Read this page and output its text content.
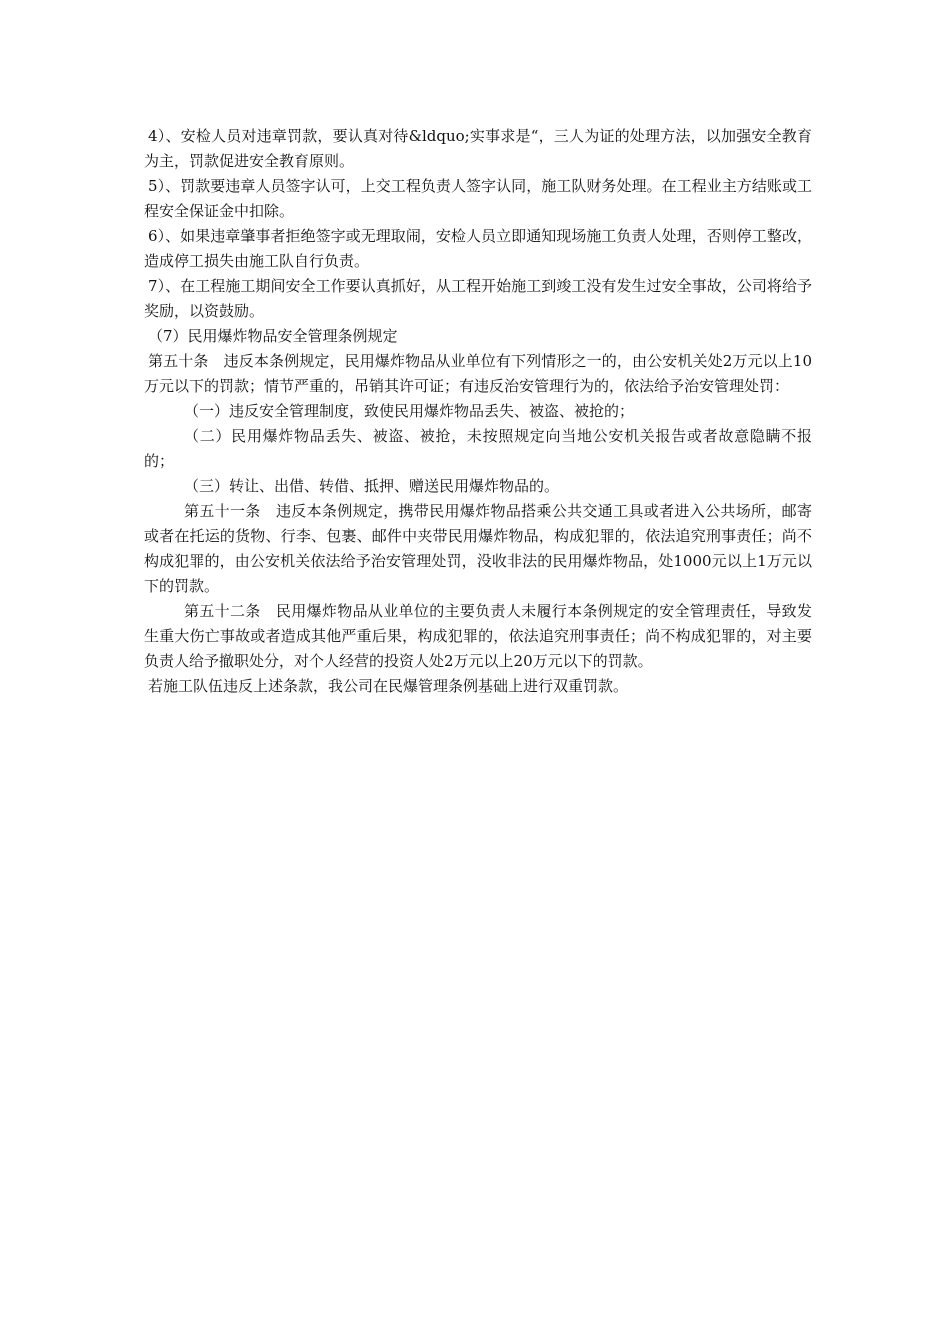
4）、安检人员对违章罚款，要认真对待&ldquo;实事求是“，三人为证的处理方法，以加强安全教育为主，罚款促进安全教育原则。

5）、罚款要违章人员签字认可，上交工程负责人签字认同，施工队财务处理。在工程业主方结账或工程安全保证金中扣除。

6）、如果违章肇事者拒绝签字或无理取闹，安检人员立即通知现场施工负责人处理，否则停工整改，造成停工损失由施工队自行负责。

7）、在工程施工期间安全工作要认真抓好，从工程开始施工到竣工没有发生过安全事故，公司将给予奖励，以资鼓励。

（7）民用爆炸物品安全管理条例规定

第五十条　违反本条例规定，民用爆炸物品从业单位有下列情形之一的，由公安机关处2万元以上10万元以下的罚款；情节严重的，吊销其许可证；有违反治安管理行为的，依法给予治安管理处罚：

（一）违反安全管理制度，致使民用爆炸物品丢失、被盗、被抢的；

（二）民用爆炸物品丢失、被盗、被抢，未按照规定向当地公安机关报告或者故意隐瞒不报的；

（三）转让、出借、转借、抵押、赠送民用爆炸物品的。

第五十一条　违反本条例规定，携带民用爆炸物品搭乘公共交通工具或者进入公共场所，邮寄或者在托运的货物、行李、包裹、邮件中夹带民用爆炸物品，构成犯罪的，依法追究刑事责任；尚不构成犯罪的，由公安机关依法给予治安管理处罚，没收非法的民用爆炸物品，处1000元以上1万元以下的罚款。

第五十二条　民用爆炸物品从业单位的主要负责人未履行本条例规定的安全管理责任，导致发生重大伤亡事故或者造成其他严重后果，构成犯罪的，依法追究刑事责任；尚不构成犯罪的，对主要负责人给予撤职处分，对个人经营的投资人处2万元以上20万元以下的罚款。

若施工队伍违反上述条款，我公司在民爆管理条例基础上进行双重罚款。
